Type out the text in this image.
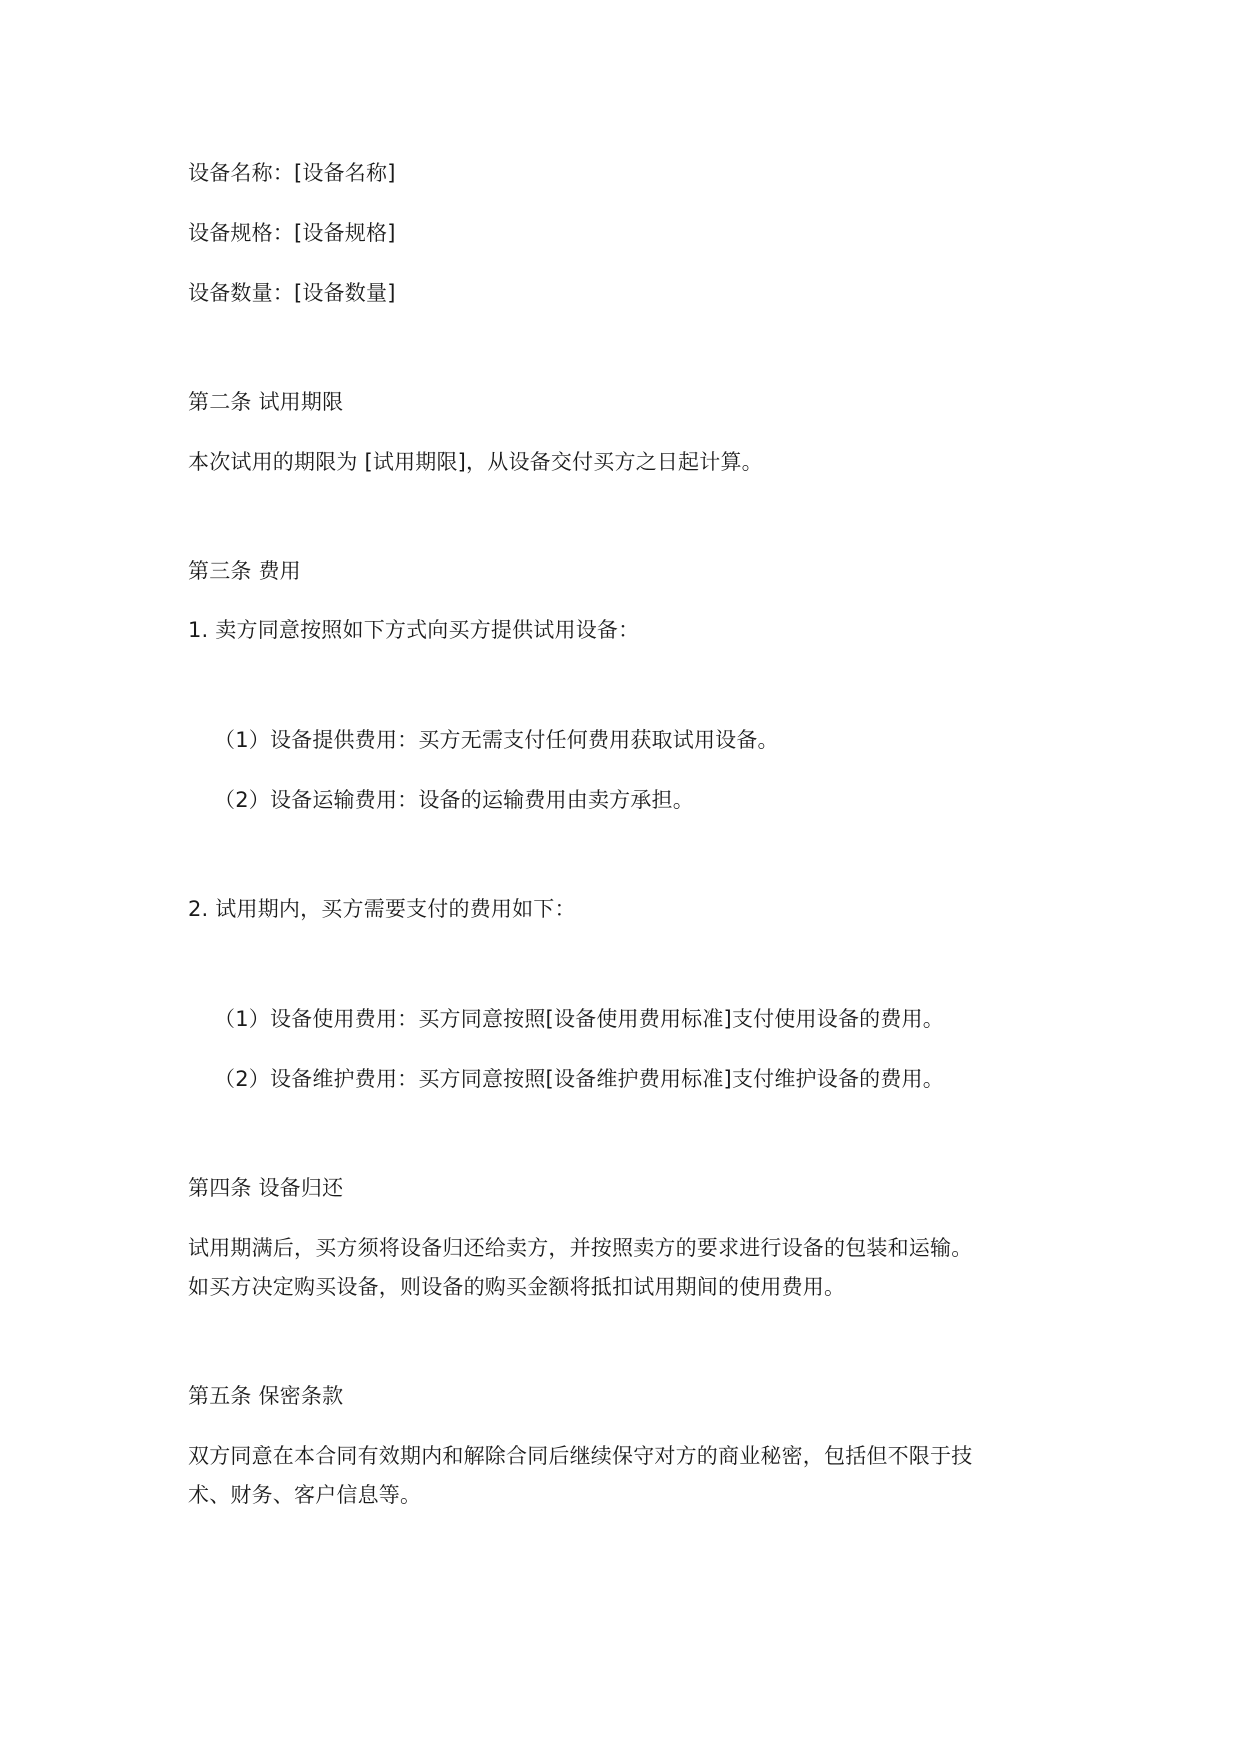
设备名称：[设备名称]
设备规格：[设备规格]
设备数量：[设备数量]
第二条 试用期限
本次试用的期限为 [试用期限]，从设备交付买方之日起计算。
第三条 费用
1. 卖方同意按照如下方式向买方提供试用设备：
（1）设备提供费用：买方无需支付任何费用获取试用设备。
（2）设备运输费用：设备的运输费用由卖方承担。
2. 试用期内，买方需要支付的费用如下：
（1）设备使用费用：买方同意按照[设备使用费用标准]支付使用设备的费用。
（2）设备维护费用：买方同意按照[设备维护费用标准]支付维护设备的费用。
第四条 设备归还
试用期满后，买方须将设备归还给卖方，并按照卖方的要求进行设备的包装和运输。
如买方决定购买设备，则设备的购买金额将抵扣试用期间的使用费用。
第五条 保密条款
双方同意在本合同有效期内和解除合同后继续保守对方的商业秘密，包括但不限于技
术、财务、客户信息等。
